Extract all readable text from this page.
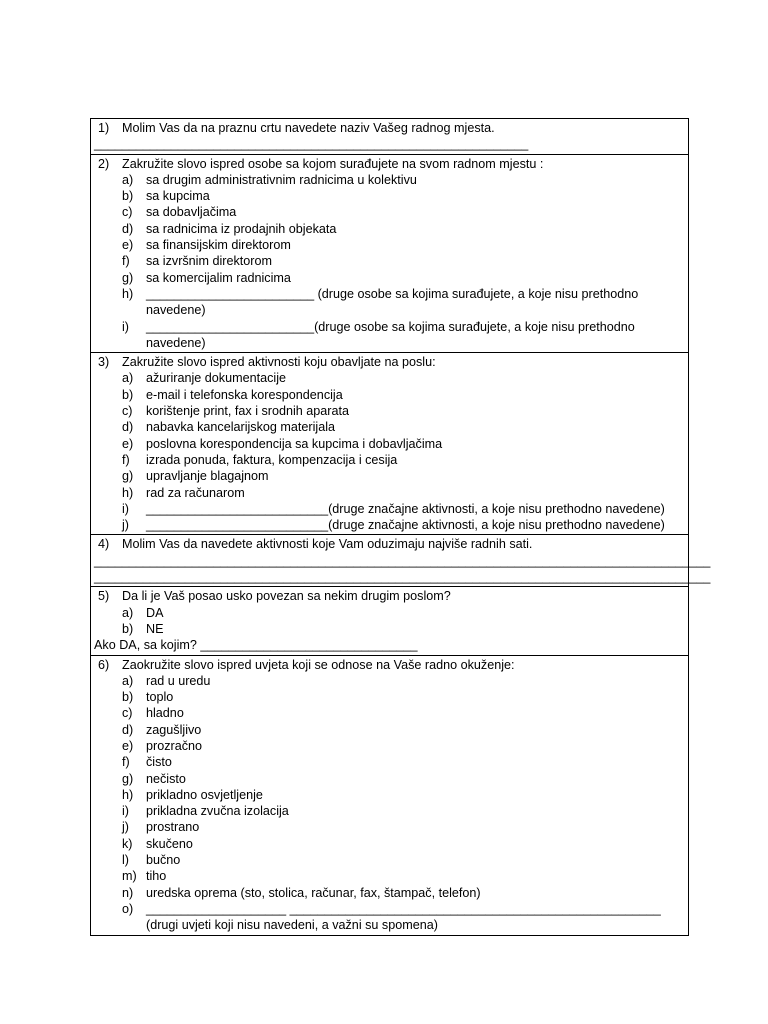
1)	Molim Vas da na praznu crtu navedete naziv Vašeg radnog mjesta.
______________________________________________________________
2)	Zakružite slovo ispred osobe sa kojom surađujete na svom radnom mjestu :
a)	sa drugim administrativnim radnicima u kolektivu
b)	sa kupcima
c)	sa dobavljačima
d)	sa radnicima iz prodajnih objekata
e)	sa finansijskim direktorom
f)	sa izvršnim direktorom
g)	sa komercijalim radnicima
h)	________________________ (druge osobe sa kojima surađujete, a koje nisu prethodno
navedene)
i)	________________________(druge osobe sa kojima surađujete, a koje nisu prethodno
navedene)
3)	Zakružite slovo ispred aktivnosti koju obavljate na poslu:
a)	ažuriranje dokumentacije
b)	e-mail i telefonska korespondencija
c)	korištenje print, fax i srodnih aparata
d)	nabavka kancelarijskog materijala
e)	poslovna korespondencija sa kupcima i dobavljačima
f)	izrada ponuda, faktura, kompenzacija i cesija
g)	upravljanje blagajnom
h)	rad za računarom
i)	__________________________(druge značajne aktivnosti, a koje nisu prethodno navedene)
j)	__________________________(druge značajne aktivnosti, a koje nisu prethodno navedene)
4)	Molim Vas da navedete aktivnosti koje Vam oduzimaju najviše radnih sati.
________________________________________________________________________________________
________________________________________________________________________________________
5)	Da li je Vaš posao usko povezan sa nekim drugim poslom?
a)	DA
b)	NE
Ako DA, sa kojim? _______________________________
6)	Zaokružite slovo ispred uvjeta koji se odnose na Vaše radno okuženje:
a)	rad u uredu
b)	toplo
c)	hladno
d)	zagušljivo
e)	prozračno
f)	čisto
g)	nečisto
h)	prikladno osvjetljenje
i)	prikladna zvučna izolacija
j)	prostrano
k)	skučeno
l)	bučno
m) tiho
n)	uredska oprema (sto, stolica, računar, fax, štampač, telefon)
o)	____________________ _____________________________________________________
(drugi uvjeti koji nisu navedeni, a važni su spomena)
